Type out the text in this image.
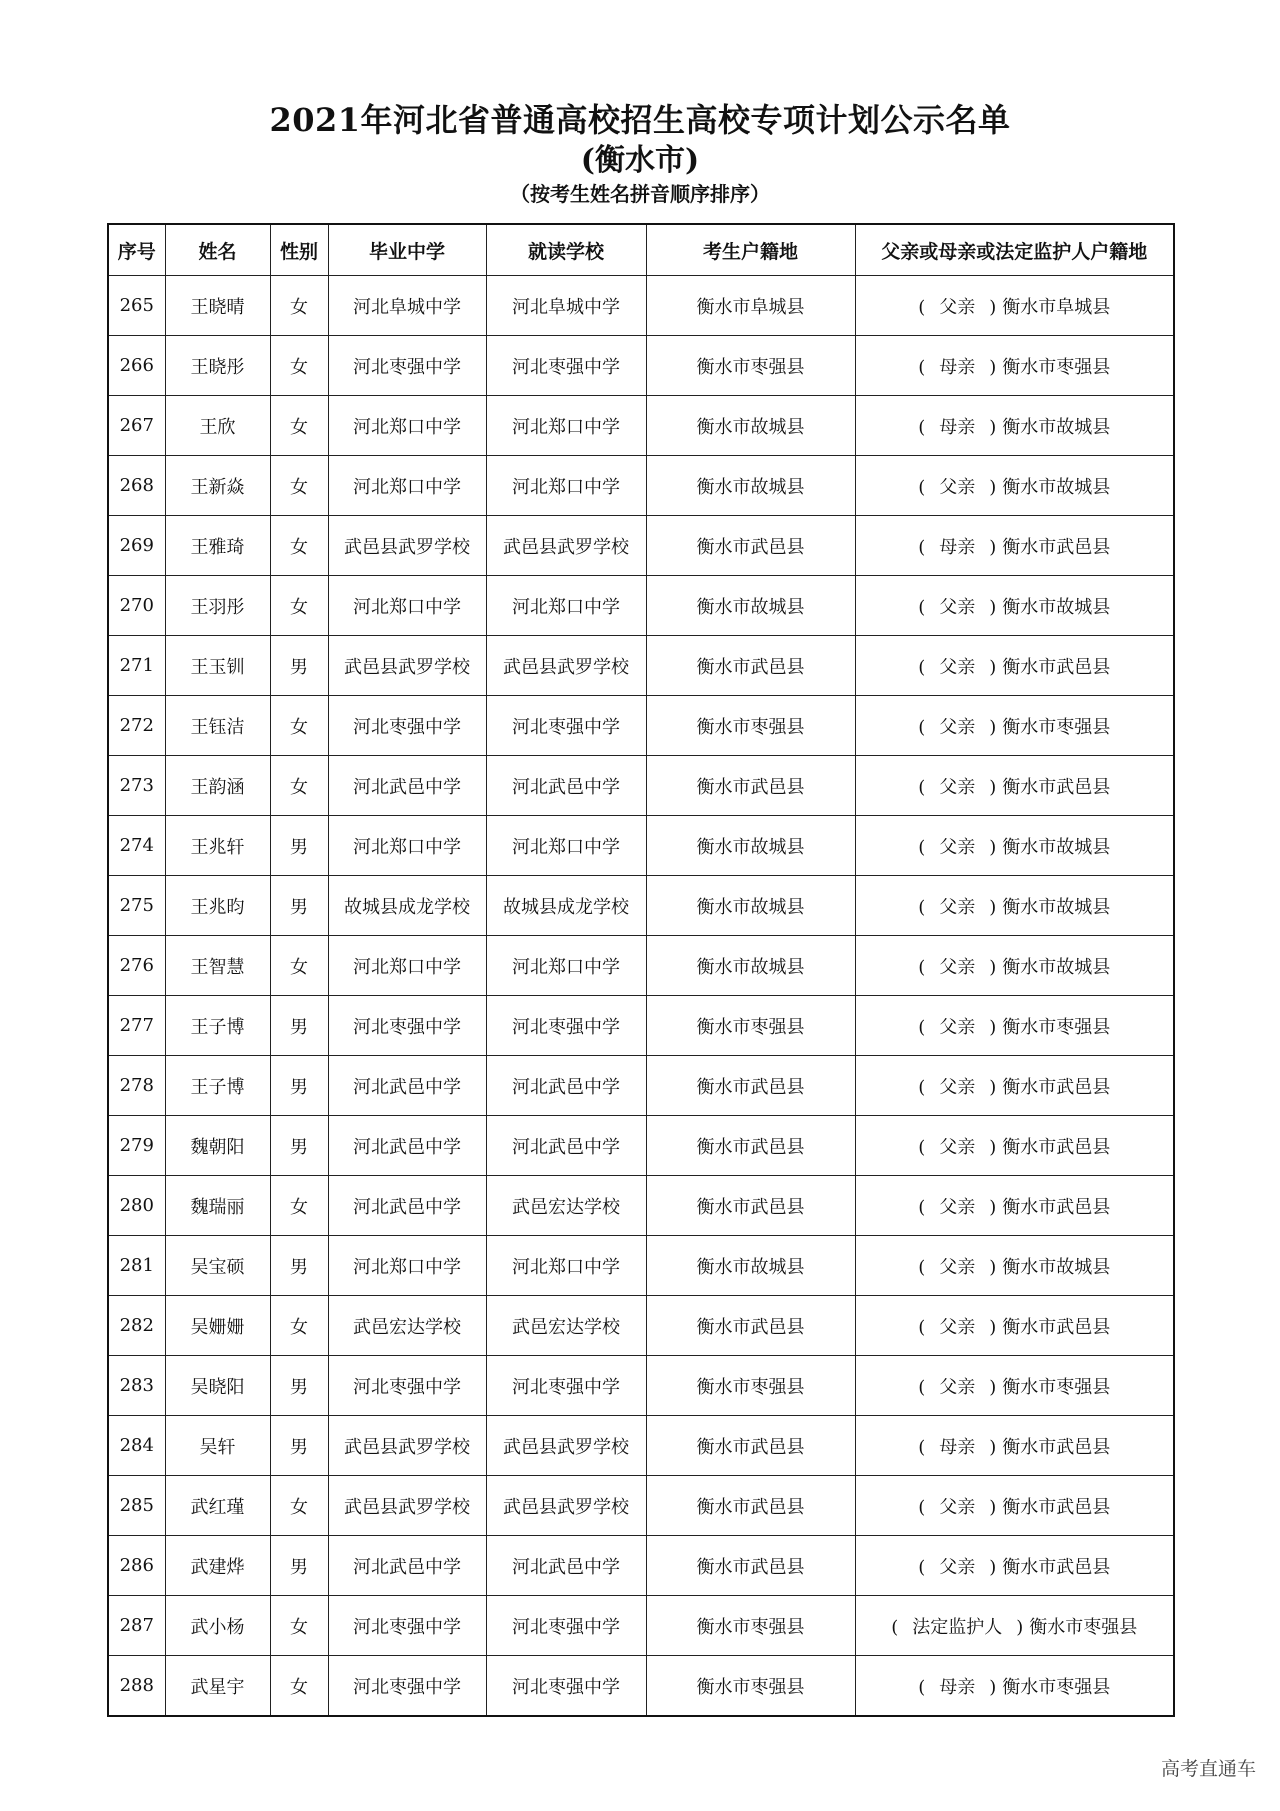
2021年河北省普通高校招生高校专项计划公示名单
(衡水市)
（按考生姓名拼音顺序排序）
序号	姓名	性别	毕业中学	就读学校	考生户籍地	父亲或母亲或法定监护人户籍地
265	王晓晴	女	河北阜城中学	河北阜城中学	衡水市阜城县	( 父亲 ) 衡水市阜城县
266	王晓彤	女	河北枣强中学	河北枣强中学	衡水市枣强县	( 母亲 ) 衡水市枣强县
267	王欣	女	河北郑口中学	河北郑口中学	衡水市故城县	( 母亲 ) 衡水市故城县
268	王新焱	女	河北郑口中学	河北郑口中学	衡水市故城县	( 父亲 ) 衡水市故城县
269	王雅琦	女	武邑县武罗学校	武邑县武罗学校	衡水市武邑县	( 母亲 ) 衡水市武邑县
270	王羽彤	女	河北郑口中学	河北郑口中学	衡水市故城县	( 父亲 ) 衡水市故城县
271	王玉钏	男	武邑县武罗学校	武邑县武罗学校	衡水市武邑县	( 父亲 ) 衡水市武邑县
272	王钰洁	女	河北枣强中学	河北枣强中学	衡水市枣强县	( 父亲 ) 衡水市枣强县
273	王韵涵	女	河北武邑中学	河北武邑中学	衡水市武邑县	( 父亲 ) 衡水市武邑县
274	王兆轩	男	河北郑口中学	河北郑口中学	衡水市故城县	( 父亲 ) 衡水市故城县
275	王兆昀	男	故城县成龙学校	故城县成龙学校	衡水市故城县	( 父亲 ) 衡水市故城县
276	王智慧	女	河北郑口中学	河北郑口中学	衡水市故城县	( 父亲 ) 衡水市故城县
277	王子博	男	河北枣强中学	河北枣强中学	衡水市枣强县	( 父亲 ) 衡水市枣强县
278	王子博	男	河北武邑中学	河北武邑中学	衡水市武邑县	( 父亲 ) 衡水市武邑县
279	魏朝阳	男	河北武邑中学	河北武邑中学	衡水市武邑县	( 父亲 ) 衡水市武邑县
280	魏瑞丽	女	河北武邑中学	武邑宏达学校	衡水市武邑县	( 父亲 ) 衡水市武邑县
281	吴宝硕	男	河北郑口中学	河北郑口中学	衡水市故城县	( 父亲 ) 衡水市故城县
282	吴姗姗	女	武邑宏达学校	武邑宏达学校	衡水市武邑县	( 父亲 ) 衡水市武邑县
283	吴晓阳	男	河北枣强中学	河北枣强中学	衡水市枣强县	( 父亲 ) 衡水市枣强县
284	吴轩	男	武邑县武罗学校	武邑县武罗学校	衡水市武邑县	( 母亲 ) 衡水市武邑县
285	武红瑾	女	武邑县武罗学校	武邑县武罗学校	衡水市武邑县	( 父亲 ) 衡水市武邑县
286	武建烨	男	河北武邑中学	河北武邑中学	衡水市武邑县	( 父亲 ) 衡水市武邑县
287	武小杨	女	河北枣强中学	河北枣强中学	衡水市枣强县	( 法定监护人 ) 衡水市枣强县
288	武星宇	女	河北枣强中学	河北枣强中学	衡水市枣强县	( 母亲 ) 衡水市枣强县
高考直通车
